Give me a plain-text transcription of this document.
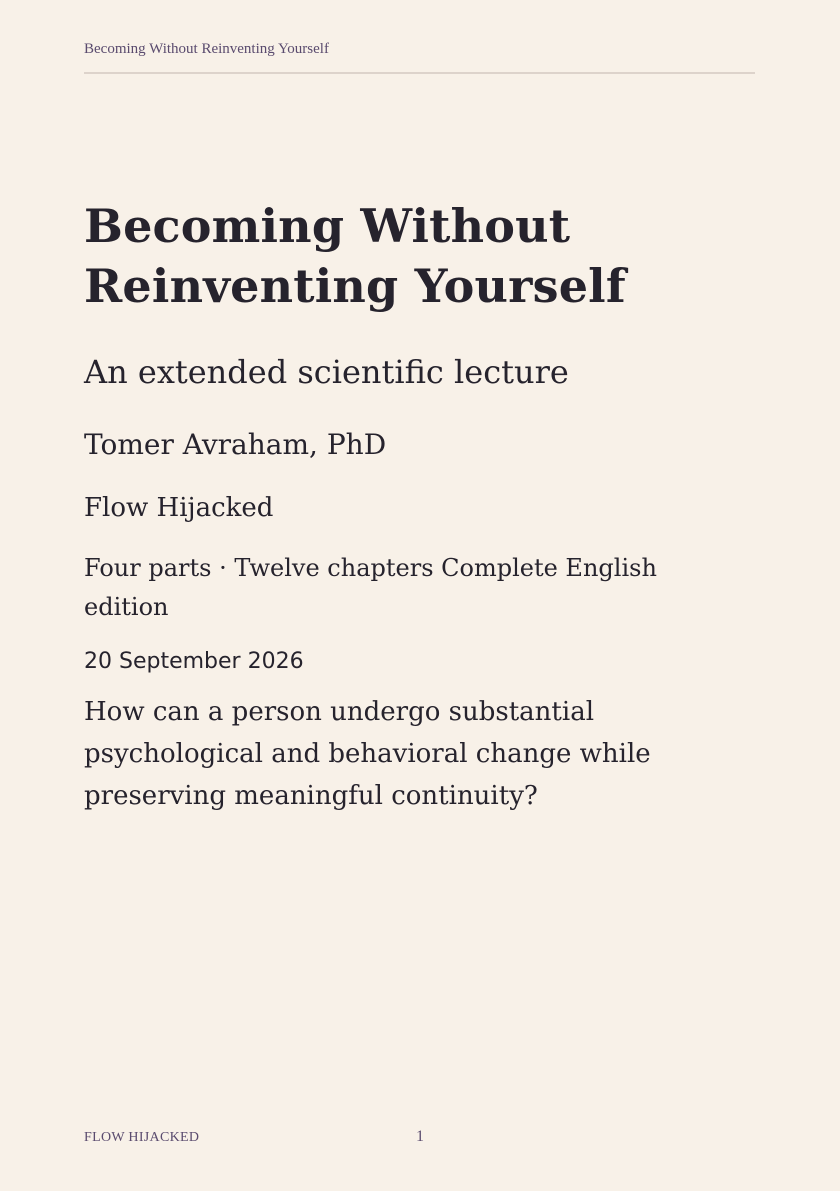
Becoming Without Reinventing Yourself
Becoming Without Reinventing Yourself
An extended scientific lecture
Tomer Avraham, PhD
Flow Hijacked
Four parts · Twelve chapters Complete English edition
20 September 2026
How can a person undergo substantial psychological and behavioral change while preserving meaningful continuity?
FLOW HIJACKED	1
